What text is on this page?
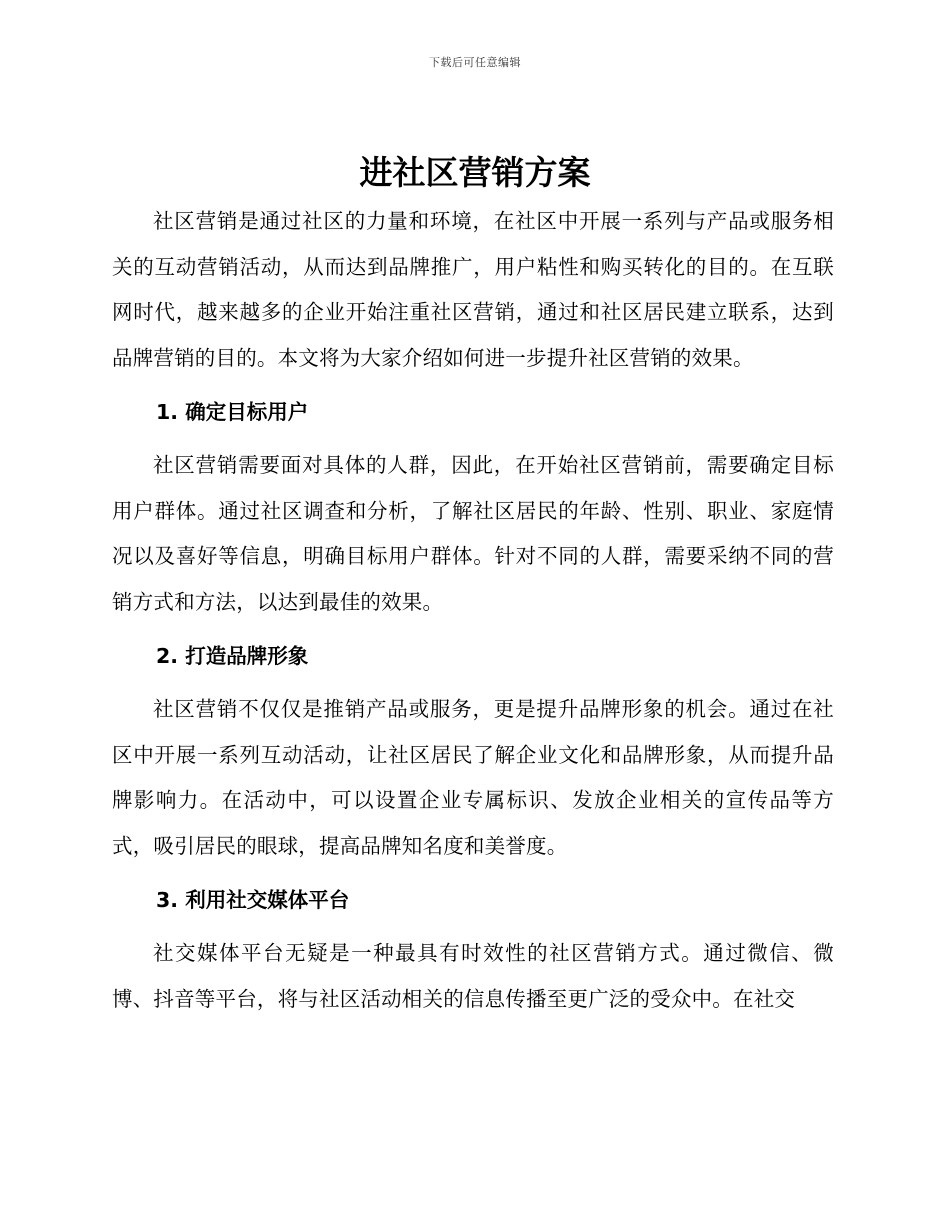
下载后可任意编辑
进社区营销方案

社区营销是通过社区的力量和环境，在社区中开展一系列与产品或服务相关的互动营销活动，从而达到品牌推广，用户粘性和购买转化的目的。在互联网时代，越来越多的企业开始注重社区营销，通过和社区居民建立联系，达到品牌营销的目的。本文将为大家介绍如何进一步提升社区营销的效果。

1. 确定目标用户

社区营销需要面对具体的人群，因此，在开始社区营销前，需要确定目标用户群体。通过社区调查和分析，了解社区居民的年龄、性别、职业、家庭情况以及喜好等信息，明确目标用户群体。针对不同的人群，需要采纳不同的营销方式和方法，以达到最佳的效果。

2. 打造品牌形象

社区营销不仅仅是推销产品或服务，更是提升品牌形象的机会。通过在社区中开展一系列互动活动，让社区居民了解企业文化和品牌形象，从而提升品牌影响力。在活动中，可以设置企业专属标识、发放企业相关的宣传品等方式，吸引居民的眼球，提高品牌知名度和美誉度。

3. 利用社交媒体平台

社交媒体平台无疑是一种最具有时效性的社区营销方式。通过微信、微博、抖音等平台，将与社区活动相关的信息传播至更广泛的受众中。在社交
